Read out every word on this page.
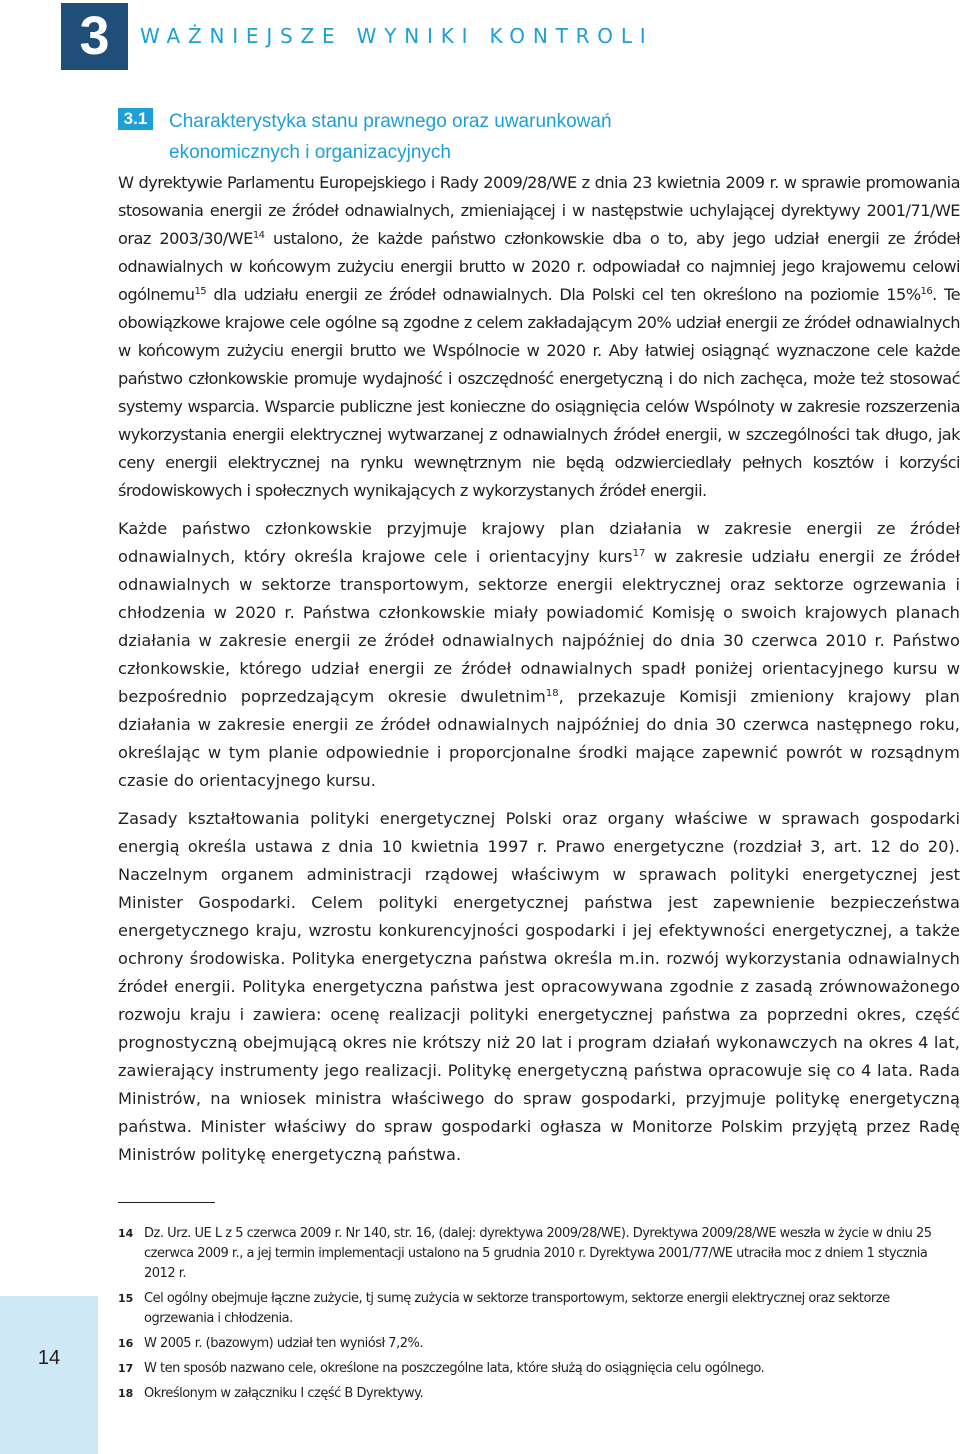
3	WAŻNIEJSZE WYNIKI KONTROLI
3.1 Charakterystyka stanu prawnego oraz uwarunkowań ekonomicznych i organizacyjnych

W dyrektywie Parlamentu Europejskiego i Rady 2009/28/WE z dnia 23 kwietnia 2009 r. w sprawie promowania stosowania energii ze źródeł odnawialnych, zmieniającej i w następstwie uchylającej dyrektywy 2001/71/WE oraz 2003/30/WE$^{14}$ ustalono, że każde państwo członkowskie dba o to, aby jego udział energii ze źródeł odnawialnych w końcowym zużyciu energii brutto w 2020 r. odpowiadał co najmniej jego krajowemu celowi ogólnemu$^{15}$ dla udziału energii ze źródeł odnawialnych. Dla Polski cel ten określono na poziomie 15%$^{16}$. Te obowiązkowe krajowe cele ogólne są zgodne z celem zakładającym 20% udział energii ze źródeł odnawialnych w końcowym zużyciu energii brutto we Wspólnocie w 2020 r. Aby łatwiej osiągnąć wyznaczone cele każde państwo członkowskie promuje wydajność i oszczędność energetyczną i do nich zachęca, może też stosować systemy wsparcia. Wsparcie publiczne jest konieczne do osiągnięcia celów Wspólnoty w zakresie rozszerzenia wykorzystania energii elektrycznej wytwarzanej z odnawialnych źródeł energii, w szczególności tak długo, jak ceny energii elektrycznej na rynku wewnętrznym nie będą odzwierciedlały pełnych kosztów i korzyści środowiskowych i społecznych wynikających z wykorzystanych źródeł energii.

Każde państwo członkowskie przyjmuje krajowy plan działania w zakresie energii ze źródeł odnawialnych, który określa krajowe cele i orientacyjny kurs$^{17}$ w zakresie udziału energii ze źródeł odnawialnych w sektorze transportowym, sektorze energii elektrycznej oraz sektorze ogrzewania i chłodzenia w 2020 r. Państwa członkowskie miały powiadomić Komisję o swoich krajowych planach działania w zakresie energii ze źródeł odnawialnych najpóźniej do dnia 30 czerwca 2010 r. Państwo członkowskie, którego udział energii ze źródeł odnawialnych spadł poniżej orientacyjnego kursu w bezpośrednio poprzedzającym okresie dwuletnim$^{18}$, przekazuje Komisji zmieniony krajowy plan działania w zakresie energii ze źródeł odnawialnych najpóźniej do dnia 30 czerwca następnego roku, określając w tym planie odpowiednie i proporcjonalne środki mające zapewnić powrót w rozsądnym czasie do orientacyjnego kursu.

Zasady kształtowania polityki energetycznej Polski oraz organy właściwe w sprawach gospodarki energią określa ustawa z dnia 10 kwietnia 1997 r. Prawo energetyczne (rozdział 3, art. 12 do 20). Naczelnym organem administracji rządowej właściwym w sprawach polityki energetycznej jest Minister Gospodarki. Celem polityki energetycznej państwa jest zapewnienie bezpieczeństwa energetycznego kraju, wzrostu konkurencyjności gospodarki i jej efektywności energetycznej, a także ochrony środowiska. Polityka energetyczna państwa określa m.in. rozwój wykorzystania odnawialnych źródeł energii. Polityka energetyczna państwa jest opracowywana zgodnie z zasadą zrównoważonego rozwoju kraju i zawiera: ocenę realizacji polityki energetycznej państwa za poprzedni okres, część prognostyczną obejmującą okres nie krótszy niż 20 lat i program działań wykonawczych na okres 4 lat, zawierający instrumenty jego realizacji. Politykę energetyczną państwa opracowuje się co 4 lata. Rada Ministrów, na wniosek ministra właściwego do spraw gospodarki, przyjmuje politykę energetyczną państwa. Minister właściwy do spraw gospodarki ogłasza w Monitorze Polskim przyjętą przez Radę Ministrów politykę energetyczną państwa.

14 Dz. Urz. UE L z 5 czerwca 2009 r. Nr 140, str. 16, (dalej: dyrektywa 2009/28/WE). Dyrektywa 2009/28/WE weszła w życie w dniu 25 czerwca 2009 r., a jej termin implementacji ustalono na 5 grudnia 2010 r. Dyrektywa 2001/77/WE utraciła moc z dniem 1 stycznia 2012 r.
15 Cel ogólny obejmuje łączne zużycie, tj sumę zużycia w sektorze transportowym, sektorze energii elektrycznej oraz sektorze ogrzewania i chłodzenia.
16 W 2005 r. (bazowym) udział ten wyniósł 7,2%.
17 W ten sposób nazwano cele, określone na poszczególne lata, które służą do osiągnięcia celu ogólnego.
18 Określonym w załączniku I część B Dyrektywy.
14
